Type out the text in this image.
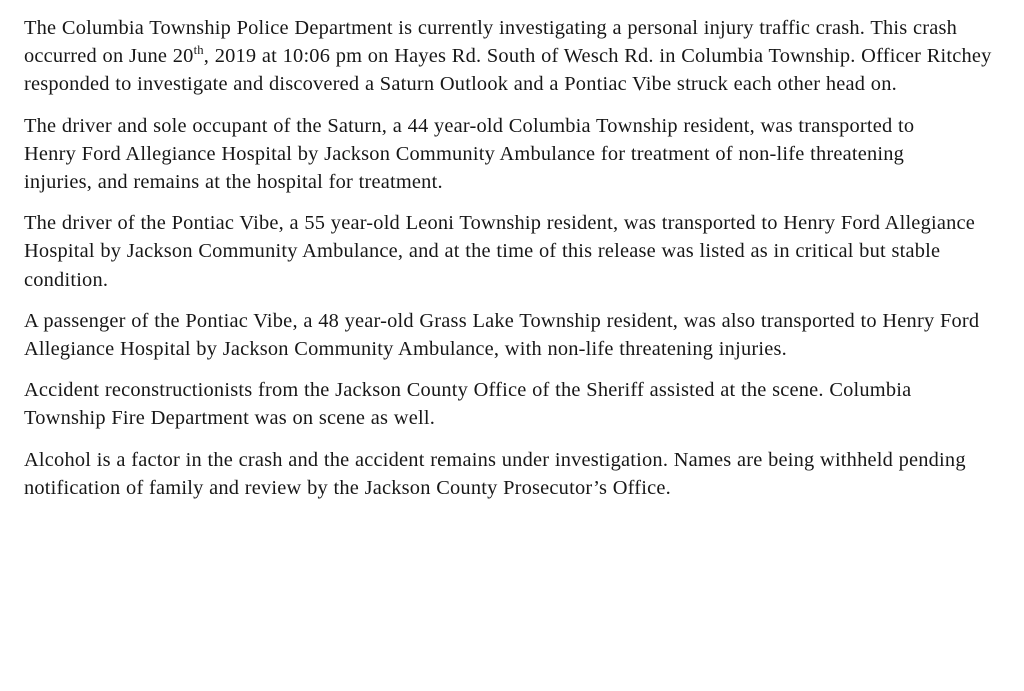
The Columbia Township Police Department is currently investigating a personal injury traffic crash. This crash occurred on June 20th, 2019 at 10:06 pm on Hayes Rd. South of Wesch Rd. in Columbia Township. Officer Ritchey responded to investigate and discovered a Saturn Outlook and a Pontiac Vibe struck each other head on.

The driver and sole occupant of the Saturn, a 44 year-old Columbia Township resident, was transported to Henry Ford Allegiance Hospital by Jackson Community Ambulance for treatment of non-life threatening injuries, and remains at the hospital for treatment.

The driver of the Pontiac Vibe, a 55 year-old Leoni Township resident, was transported to Henry Ford Allegiance Hospital by Jackson Community Ambulance, and at the time of this release was listed as in critical but stable condition.

A passenger of the Pontiac Vibe, a 48 year-old Grass Lake Township resident, was also transported to Henry Ford Allegiance Hospital by Jackson Community Ambulance, with non-life threatening injuries.

Accident reconstructionists from the Jackson County Office of the Sheriff assisted at the scene. Columbia Township Fire Department was on scene as well.

Alcohol is a factor in the crash and the accident remains under investigation. Names are being withheld pending notification of family and review by the Jackson County Prosecutor’s Office.
